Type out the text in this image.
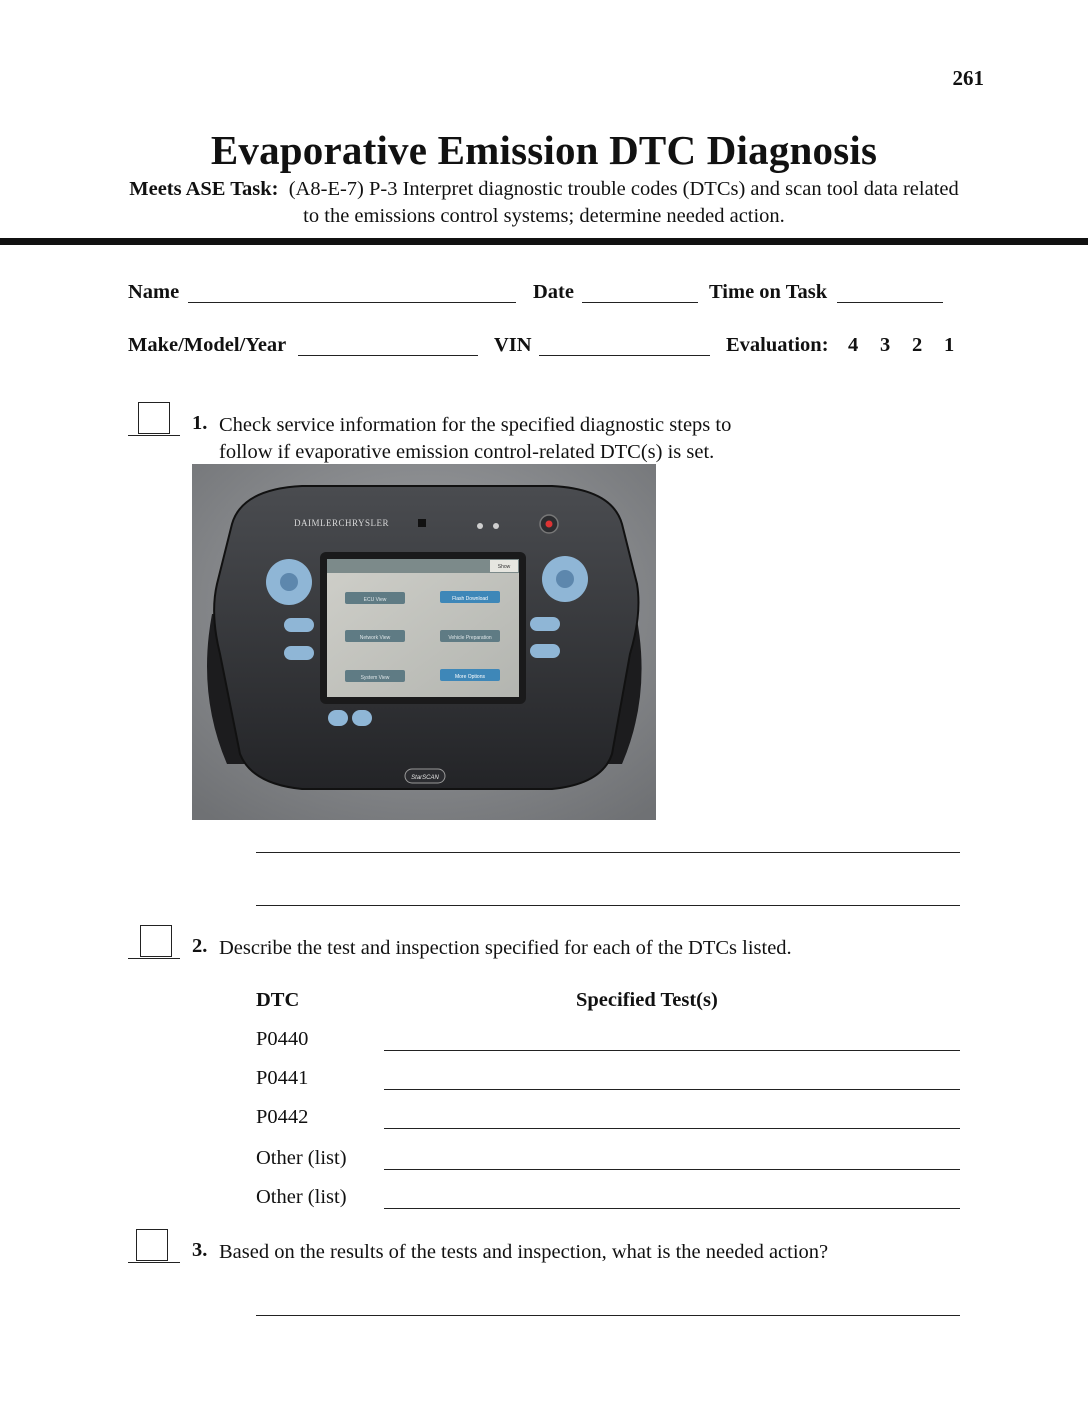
261
Evaporative Emission DTC Diagnosis
Meets ASE Task: (A8-E-7) P-3 Interpret diagnostic trouble codes (DTCs) and scan tool data related
to the emissions control systems; determine needed action.
Name	Date	Time on Task
Make/Model/Year	VIN	Evaluation: 4 3 2 1
1. Check service information for the specified diagnostic steps to
follow if evaporative emission control-related DTC(s) is set.
Show
ECU View	Flash Download
Network View	Vehicle Preparation
System View	More Options
DAIMLERCHRYSLER
StarSCAN
2. Describe the test and inspection specified for each of the DTCs listed.
DTC	Specified Test(s)
P0440
P0441
P0442
Other (list)
Other (list)
3. Based on the results of the tests and inspection, what is the needed action?
